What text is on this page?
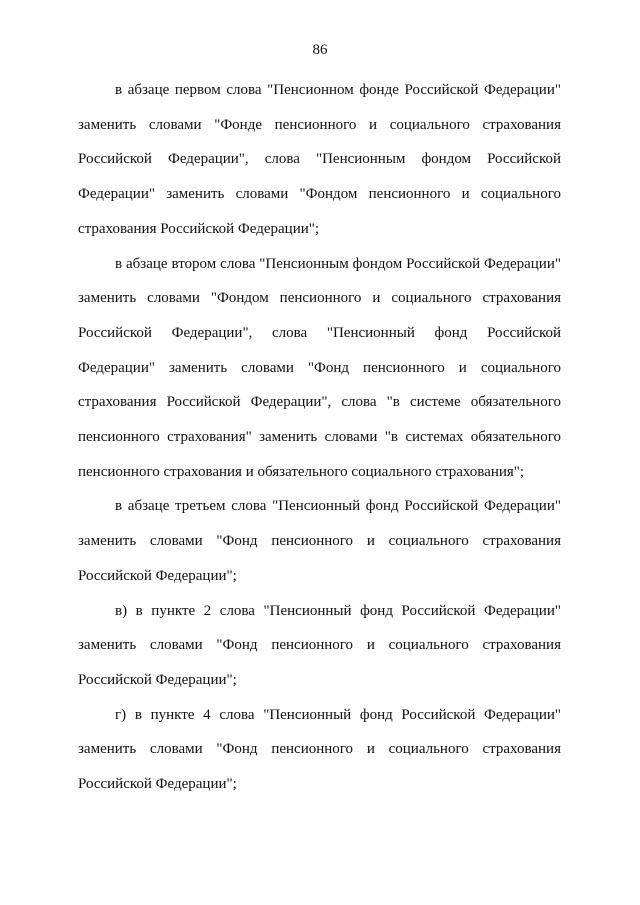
86

в абзаце первом слова "Пенсионном фонде Российской Федерации"
заменить словами "Фонде пенсионного и социального страхования
Российской Федерации", слова "Пенсионным фондом Российской
Федерации" заменить словами "Фондом пенсионного и социального
страхования Российской Федерации";

в абзаце втором слова "Пенсионным фондом Российской Федерации"
заменить словами "Фондом пенсионного и социального страхования
Российской Федерации", слова "Пенсионный фонд Российской
Федерации" заменить словами "Фонд пенсионного и социального
страхования Российской Федерации", слова "в системе обязательного
пенсионного страхования" заменить словами "в системах обязательного
пенсионного страхования и обязательного социального страхования";

в абзаце третьем слова "Пенсионный фонд Российской Федерации"
заменить словами "Фонд пенсионного и социального страхования
Российской Федерации";

в) в пункте 2 слова "Пенсионный фонд Российской Федерации"
заменить словами "Фонд пенсионного и социального страхования
Российской Федерации";

г) в пункте 4 слова "Пенсионный фонд Российской Федерации"
заменить словами "Фонд пенсионного и социального страхования
Российской Федерации";
